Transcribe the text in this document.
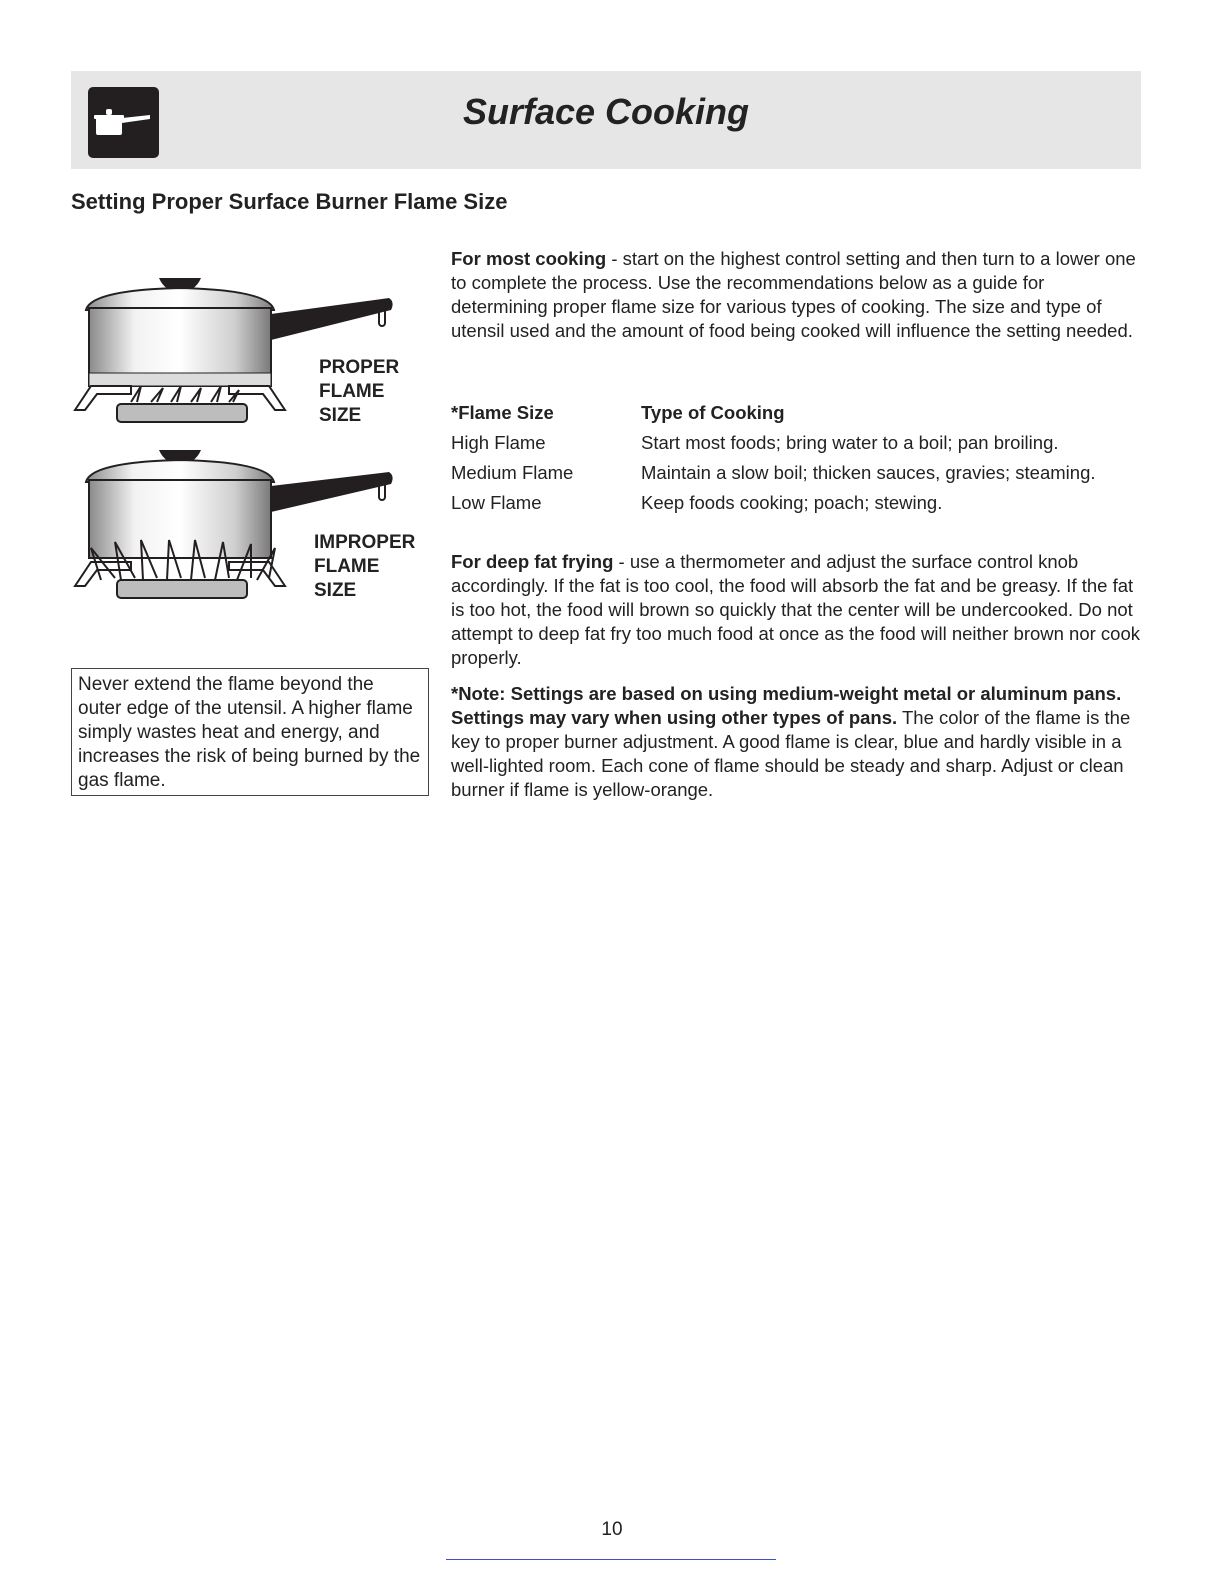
Surface Cooking
Setting Proper Surface Burner Flame Size
PROPER
FLAME
SIZE
IMPROPER
FLAME
SIZE
Never extend the flame beyond the outer edge of the utensil. A higher flame simply wastes heat and energy, and increases the risk of being burned by the gas flame.
For most cooking - start on the highest control setting and then turn to a lower one to complete the process. Use the recommendations below as a guide for determining proper flame size for various types of cooking. The size and type of utensil used and the amount of food being cooked will influence the setting needed.
*Flame Size	Type of Cooking
High Flame	Start most foods; bring water to a boil; pan broiling.
Medium Flame	Maintain a slow boil; thicken sauces, gravies; steaming.
Low Flame	Keep foods cooking; poach; stewing.
For deep fat frying - use a thermometer and adjust the surface control knob accordingly. If the fat is too cool, the food will absorb the fat and be greasy. If the fat is too hot, the food will brown so quickly that the center will be undercooked. Do not attempt to deep fat fry too much food at once as the food will neither brown nor cook properly.
*Note: Settings are based on using medium-weight metal or aluminum pans. Settings may vary when using other types of pans. The color of the flame is the key to proper burner adjustment. A good flame is clear, blue and hardly visible in a well-lighted room. Each cone of flame should be steady and sharp. Adjust or clean burner if flame is yellow-orange.
10
